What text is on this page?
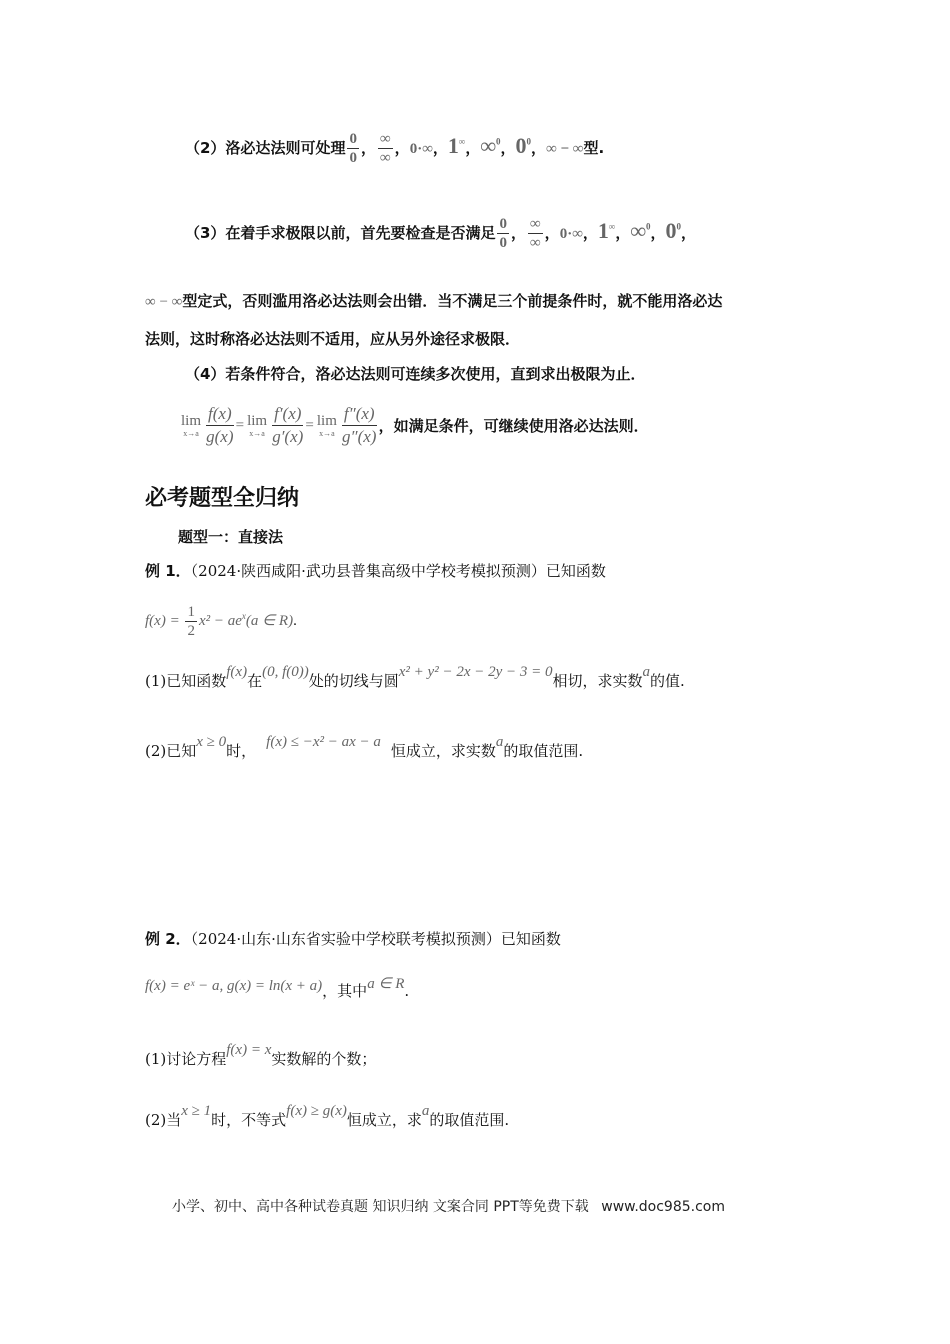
（2）洛必达法则可处理 $\frac{0}{0}$ ， $\frac{\infty}{\infty}$ ，0·∞，1∞，∞$^0$，$0^0$，∞ − ∞型.
（3）在着手求极限以前，首先要检查是否满足 $\frac{0}{0}$ ， $\frac{\infty}{\infty}$ ，0·∞，1∞，∞$^0$，$0^0$，
∞ − ∞型定式，否则滥用洛必达法则会出错．当不满足三个前提条件时，就不能用洛必达
法则，这时称洛必达法则不适用，应从另外途径求极限．
（4）若条件符合，洛必达法则可连续多次使用，直到求出极限为止．
lim
$x\to a \frac{f(x)}{g(x)} = \lim$
$x\to a \frac{f'(x)}{g'(x)} = \lim$
$x\to a \frac{f''(x)}{g''(x)}$ ，如满足条件，可继续使用洛必达法则．
必考题型全归纳
题型一：直接法
例 1．（2024·陕西咸阳·武功县普集高级中学校考模拟预测）已知函数
$f(x) = \frac{1}{2} x^2 - ae^x(a$ ∈ R).
(1)已知函数f(x)在(0, f(0))处的切线与圆x² + y² − 2x − 2y − 3 = 0相切，求实数a的值.
(2)已知x ≥ 0时， f(x) ≤ −x² − ax − a 恒成立，求实数a的取值范围.
例 2．（2024·山东·山东省实验中学校联考模拟预测）已知函数
f(x) = eˣ − a, g(x) = ln(x + a)，其中a ∈ R.
(1)讨论方程f(x) = x实数解的个数；
(2)当x ≥ 1时，不等式f(x) ≥ g(x)恒成立，求a的取值范围.
小学、初中、高中各种试卷真题 知识归纳 文案合同 PPT等免费下载 www.doc985.com
